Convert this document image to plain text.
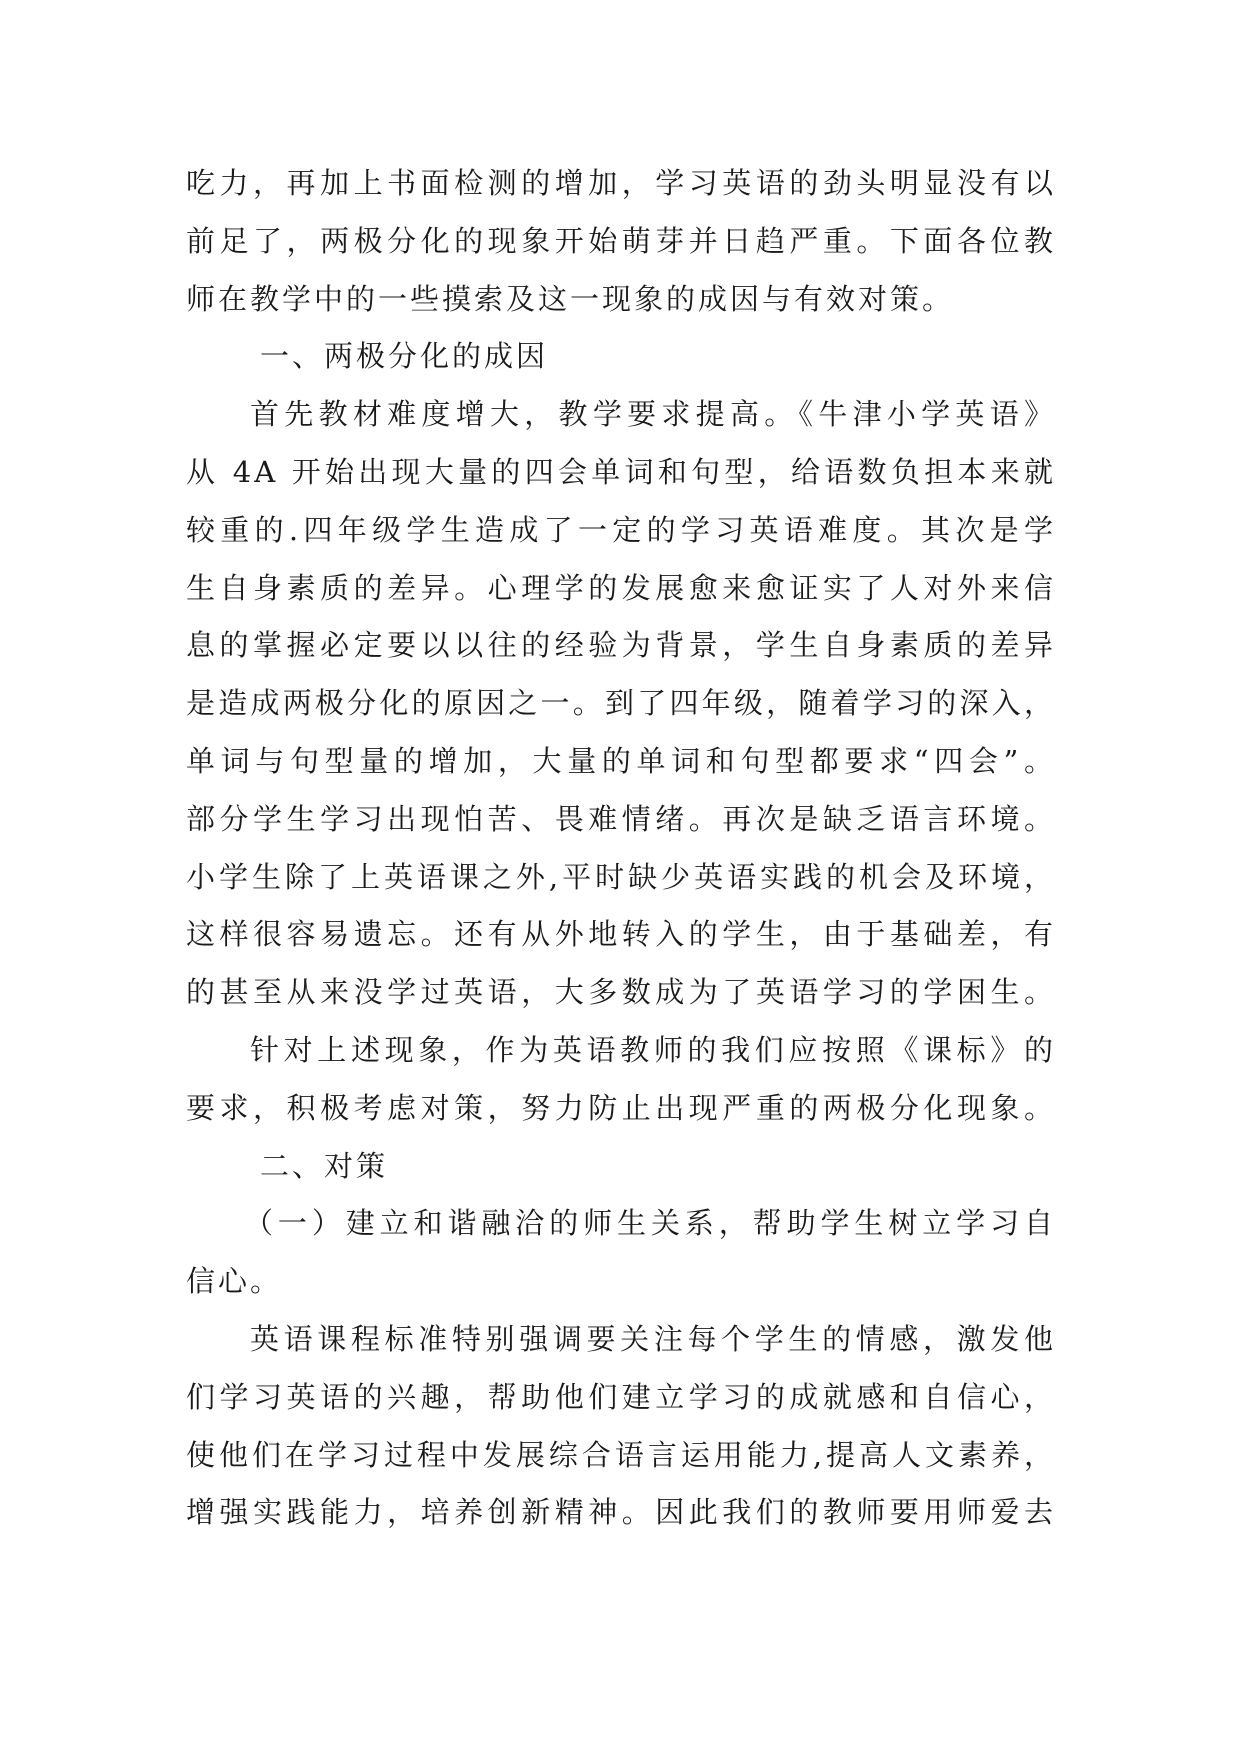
吃力，再加上书面检测的增加，学习英语的劲头明显没有以
前足了，两极分化的现象开始萌芽并日趋严重。下面各位教
师在教学中的一些摸索及这一现象的成因与有效对策。
一、两极分化的成因
首先教材难度增大，教学要求提高。《牛津小学英语》
从 4A 开始出现大量的四会单词和句型，给语数负担本来就
较重的.四年级学生造成了一定的学习英语难度。其次是学
生自身素质的差异。心理学的发展愈来愈证实了人对外来信
息的掌握必定要以以往的经验为背景，学生自身素质的差异
是造成两极分化的原因之一。到了四年级，随着学习的深入，
单词与句型量的增加，大量的单词和句型都要求“四会”。
部分学生学习出现怕苦、畏难情绪。再次是缺乏语言环境。
小学生除了上英语课之外,平时缺少英语实践的机会及环境，
这样很容易遗忘。还有从外地转入的学生，由于基础差，有
的甚至从来没学过英语，大多数成为了英语学习的学困生。
针对上述现象，作为英语教师的我们应按照《课标》的
要求，积极考虑对策，努力防止出现严重的两极分化现象。
二、对策
（一）建立和谐融洽的师生关系，帮助学生树立学习自
信心。
英语课程标准特别强调要关注每个学生的情感，激发他
们学习英语的兴趣，帮助他们建立学习的成就感和自信心，
使他们在学习过程中发展综合语言运用能力,提高人文素养，
增强实践能力，培养创新精神。因此我们的教师要用师爱去
